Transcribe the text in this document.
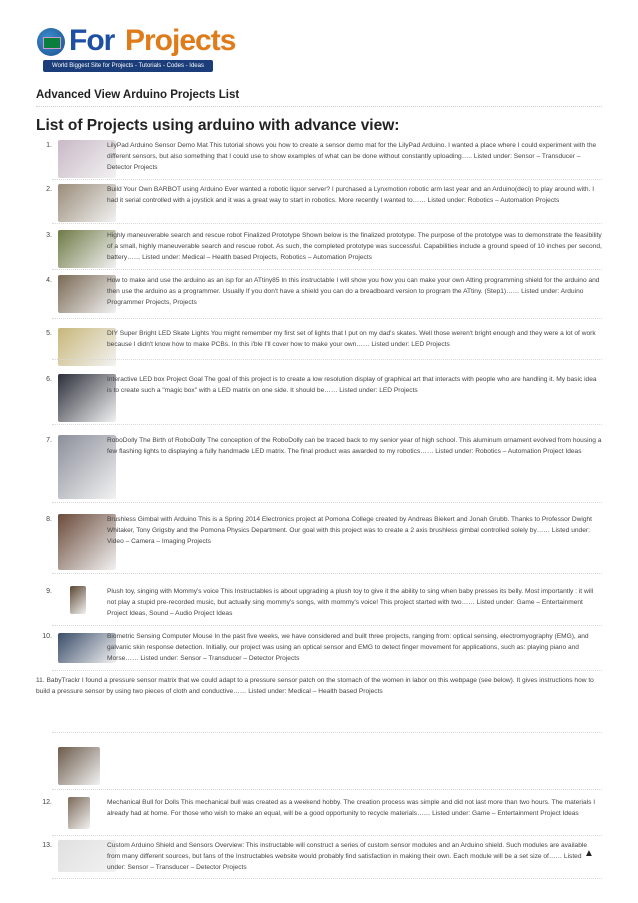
For Projects
World Biggest Site for Projects - Tutorials - Codes - Ideas
Advanced View Arduino Projects List
List of Projects using arduino with advance view:
1.	LilyPad Arduino Sensor Demo Mat This tutorial shows you how to create a sensor demo mat for the LilyPad Arduino. I wanted a place where I could experiment with the different sensors, but also something that I could use to show examples of what can be done without constantly uploading….. Listed under: Sensor – Transducer – Detector Projects

2.	Build Your Own BARBOT using Arduino Ever wanted a robotic liquor server? I purchased a Lynxmotion robotic arm last year and an Arduino(deci) to play around with. I had it serial controlled with a joystick and it was a great way to start in robotics. More recently I wanted to…… Listed under: Robotics – Automation Projects

3.	Highly maneuverable search and rescue robot Finalized Prototype Shown below is the finalized prototype. The purpose of the prototype was to demonstrate the feasibility of a small, highly maneuverable search and rescue robot. As such, the completed prototype was successful. Capabilities include a ground speed of 10 inches per second, battery…… Listed under: Medical – Health based Projects, Robotics – Automation Projects

4.	How to make and use the arduino as an isp for an ATtiny85 In this instructable I will show you how you can make your own Atting programming shield for the arduino and then use the arduino as a programmer. Usually If you don't have a shield you can do a breadboard version to program the ATtiny. (Step1)…… Listed under: Arduino Programmer Projects, Projects

5.	DIY Super Bright LED Skate Lights You might remember my first set of lights that I put on my dad's skates. Well those weren't bright enough and they were a lot of work because I didn't know how to make PCBs. In this i'ble I'll cover how to make your own…… Listed under: LED Projects

6.	Interactive LED box Project Goal The goal of this project is to create a low resolution display of graphical art that interacts with people who are handling it. My basic idea is to create such a "magic box" with a LED matrix on one side. It should be…… Listed under: LED Projects

7.	RoboDolly The Birth of RoboDolly The conception of the RoboDolly can be traced back to my senior year of high school. This aluminum ornament evolved from housing a few flashing lights to displaying a fully handmade LED matrix. The final product was awarded to my robotics…… Listed under: Robotics – Automation Project Ideas

8.	Brushless Gimbal with Arduino This is a Spring 2014 Electronics project at Pomona College created by Andreas Biekert and Jonah Grubb. Thanks to Professor Dwight Whitaker, Tony Grigsby and the Pomona Physics Department. Our goal with this project was to create a 2 axis brushless gimbal controlled solely by…… Listed under: Video – Camera – Imaging Projects

9.	Plush toy, singing with Mommy's voice This Instructables is about upgrading a plush toy to give it the ability to sing when baby presses its belly. Most importantly : it will not play a stupid pre-recorded music, but actually sing mommy's songs, with mommy's voice! This project started with two…… Listed under: Game – Entertainment Project Ideas, Sound – Audio Project Ideas

10.	Biometric Sensing Computer Mouse In the past five weeks, we have considered and built three projects, ranging from: optical sensing, electromyography (EMG), and galvanic skin response detection. Initially, our project was using an optical sensor and EMG to detect finger movement for applications, such as: playing piano and Morse…… Listed under: Sensor – Transducer – Detector Projects

11. BabyTrackr I found a pressure sensor matrix that we could adapt to a pressure sensor patch on the stomach of the women in labor on this webpage (see below). It gives instructions how to build a pressure sensor by using two pieces of cloth and conductive…… Listed under: Medical – Health based Projects

12.	Mechanical Bull for Dolls This mechanical bull was created as a weekend hobby. The creation process was simple and did not last more than two hours. The materials I already had at home. For those who wish to make an equal, will be a good opportunity to recycle materials…… Listed under: Game – Entertainment Project Ideas

13.	Custom Arduino Shield and Sensors Overview: This instructable will construct a series of custom sensor modules and an Arduino shield. Such modules are available from many different sources, but fans of the Instructables website would probably find satisfaction in making their own. Each module will be a set size of…… Listed under: Sensor – Transducer – Detector Projects

▲
